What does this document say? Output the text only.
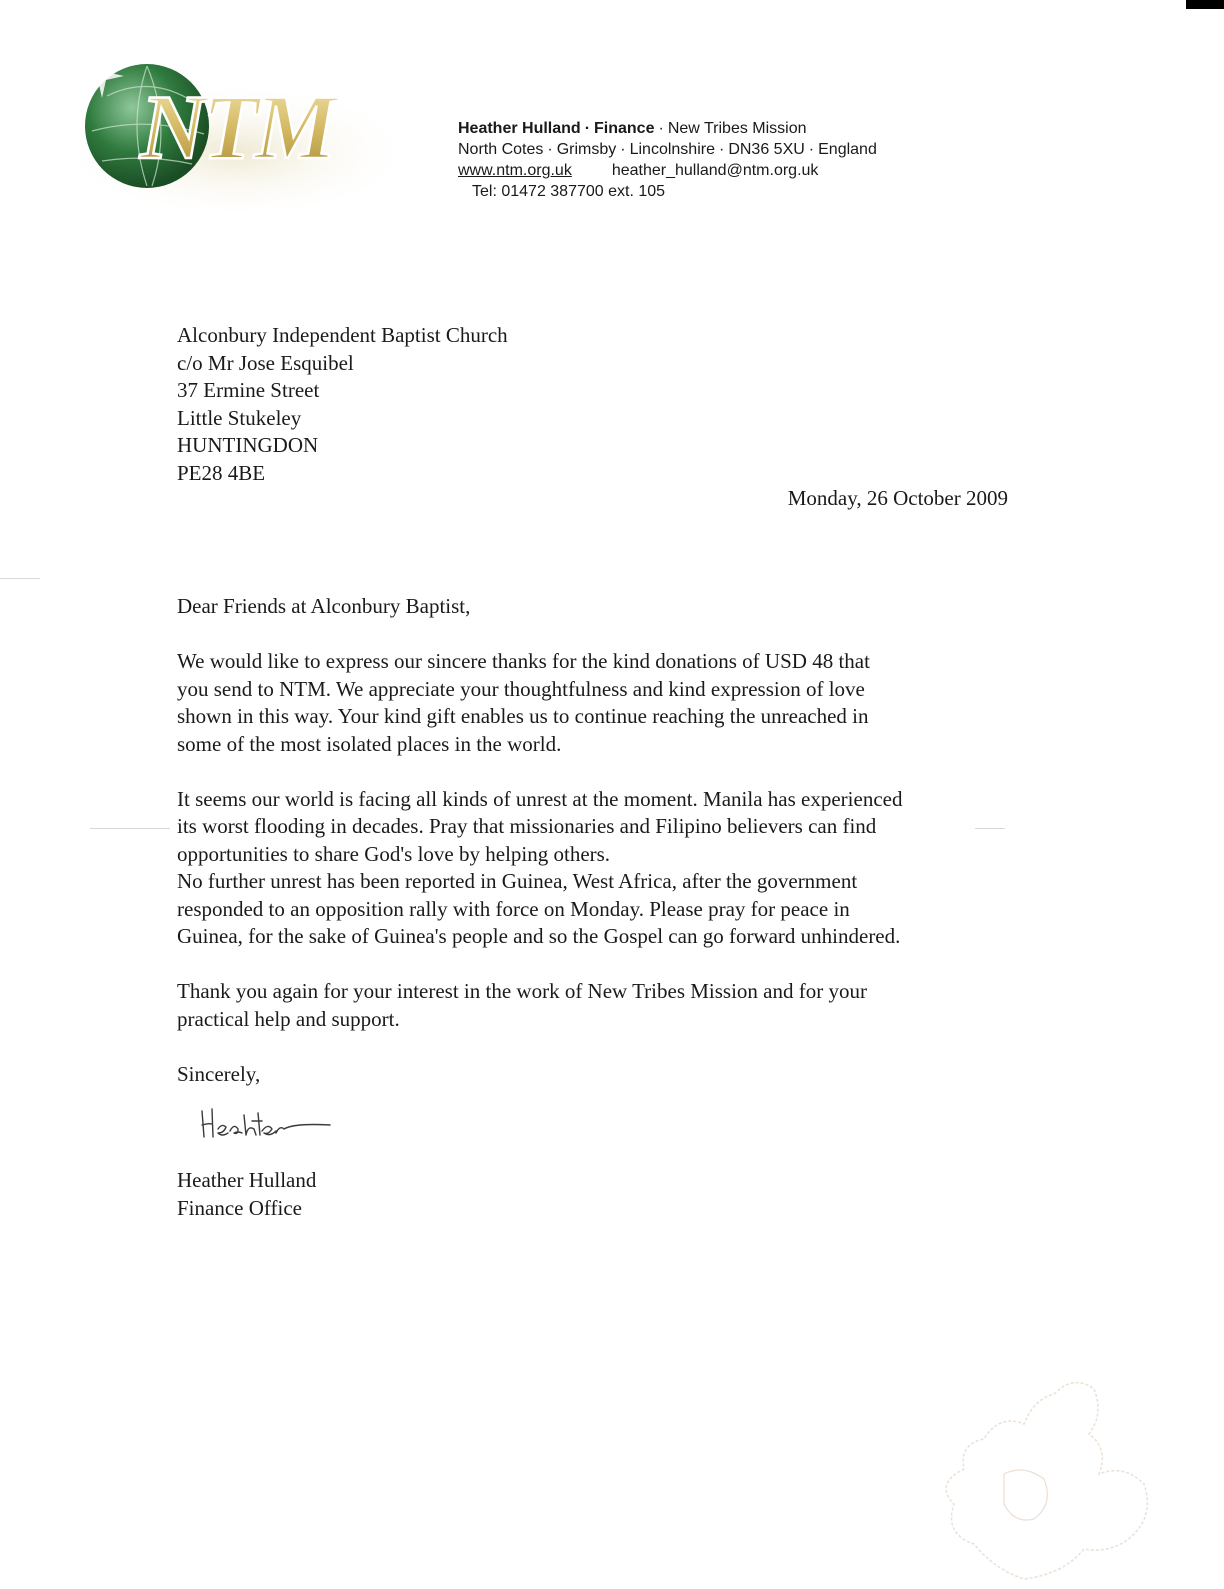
NTM	Heather Hulland · Finance · New Tribes Mission
North Cotes · Grimsby · Lincolnshire · DN36 5XU · England
www.ntm.org.uk	heather_hulland@ntm.org.uk
Tel: 01472 387700 ext. 105
Alconbury Independent Baptist Church
c/o Mr Jose Esquibel
37 Ermine Street
Little Stukeley
HUNTINGDON
PE28 4BE
Monday, 26 October 2009

Dear Friends at Alconbury Baptist,

We would like to express our sincere thanks for the kind donations of USD 48 that
you send to NTM. We appreciate your thoughtfulness and kind expression of love
shown in this way. Your kind gift enables us to continue reaching the unreached in
some of the most isolated places in the world.

It seems our world is facing all kinds of unrest at the moment. Manila has experienced
its worst flooding in decades. Pray that missionaries and Filipino believers can find
opportunities to share God's love by helping others.
No further unrest has been reported in Guinea, West Africa, after the government
responded to an opposition rally with force on Monday. Please pray for peace in
Guinea, for the sake of Guinea's people and so the Gospel can go forward unhindered.

Thank you again for your interest in the work of New Tribes Mission and for your
practical help and support.

Sincerely,

Heather Hulland
Finance Office
